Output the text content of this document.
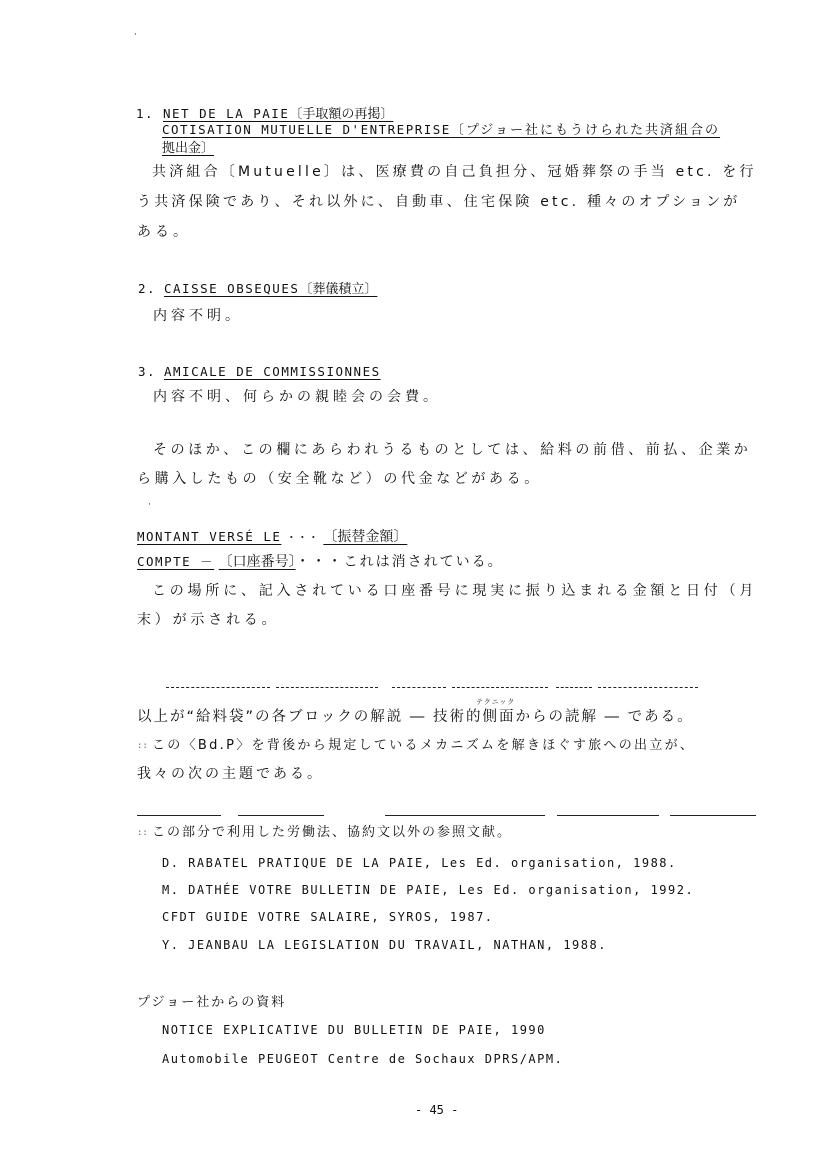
·
1. NET DE LA PAIE〔手取額の再掲〕
COTISATION MUTUELLE D'ENTREPRISE〔プジョー社にもうけられた共済組合の
拠出金〕
共済組合〔Mutuelle〕は、医療費の自己負担分、冠婚葬祭の手当 etc. を行
う共済保険であり、それ以外に、自動車、住宅保険 etc. 種々のオプションが
ある。
2. CAISSE OBSEQUES〔葬儀積立〕
内容不明。
3. AMICALE DE COMMISSIONNES
内容不明、何らかの親睦会の会費。
そのほか、この欄にあらわれうるものとしては、給料の前借、前払、企業か
ら購入したもの（安全靴など）の代金などがある。
·
MONTANT VERSÉ LE ・・・ 〔振替金額〕
COMPTE － 〔口座番号〕・・・これは消されている。
この場所に、記入されている口座番号に現実に振り込まれる金額と日付（月
末）が示される。
テクニック
以上が“給料袋”の各ブロックの解説 ― 技術的側面からの読解 ― である。
:: この〈Bd.P〉を背後から規定しているメカニズムを解きほぐす旅への出立が、
我々の次の主題である。
:: この部分で利用した労働法、協約文以外の参照文献。
D. RABATEL PRATIQUE DE LA PAIE, Les Ed. organisation, 1988.
M. DATHÉE VOTRE BULLETIN DE PAIE, Les Ed. organisation, 1992.
CFDT GUIDE VOTRE SALAIRE, SYROS, 1987.
Y. JEANBAU LA LEGISLATION DU TRAVAIL, NATHAN, 1988.
プジョー社からの資料
NOTICE EXPLICATIVE DU BULLETIN DE PAIE, 1990
Automobile PEUGEOT Centre de Sochaux DPRS/APM.
- 45 -
